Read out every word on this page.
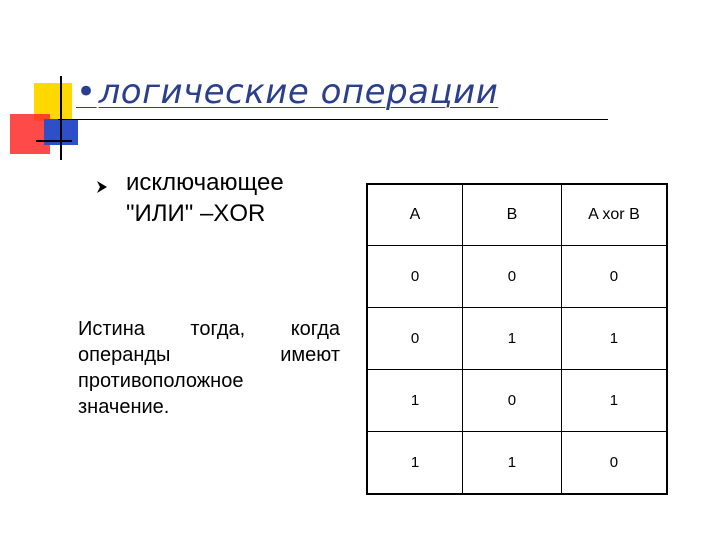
•логические операции

исключающее "ИЛИ" –XOR

Истина тогда, когда операнды имеют противоположное значение.

A	B	A xor B
0	0	0
0	1	1
1	0	1
1	1	0
